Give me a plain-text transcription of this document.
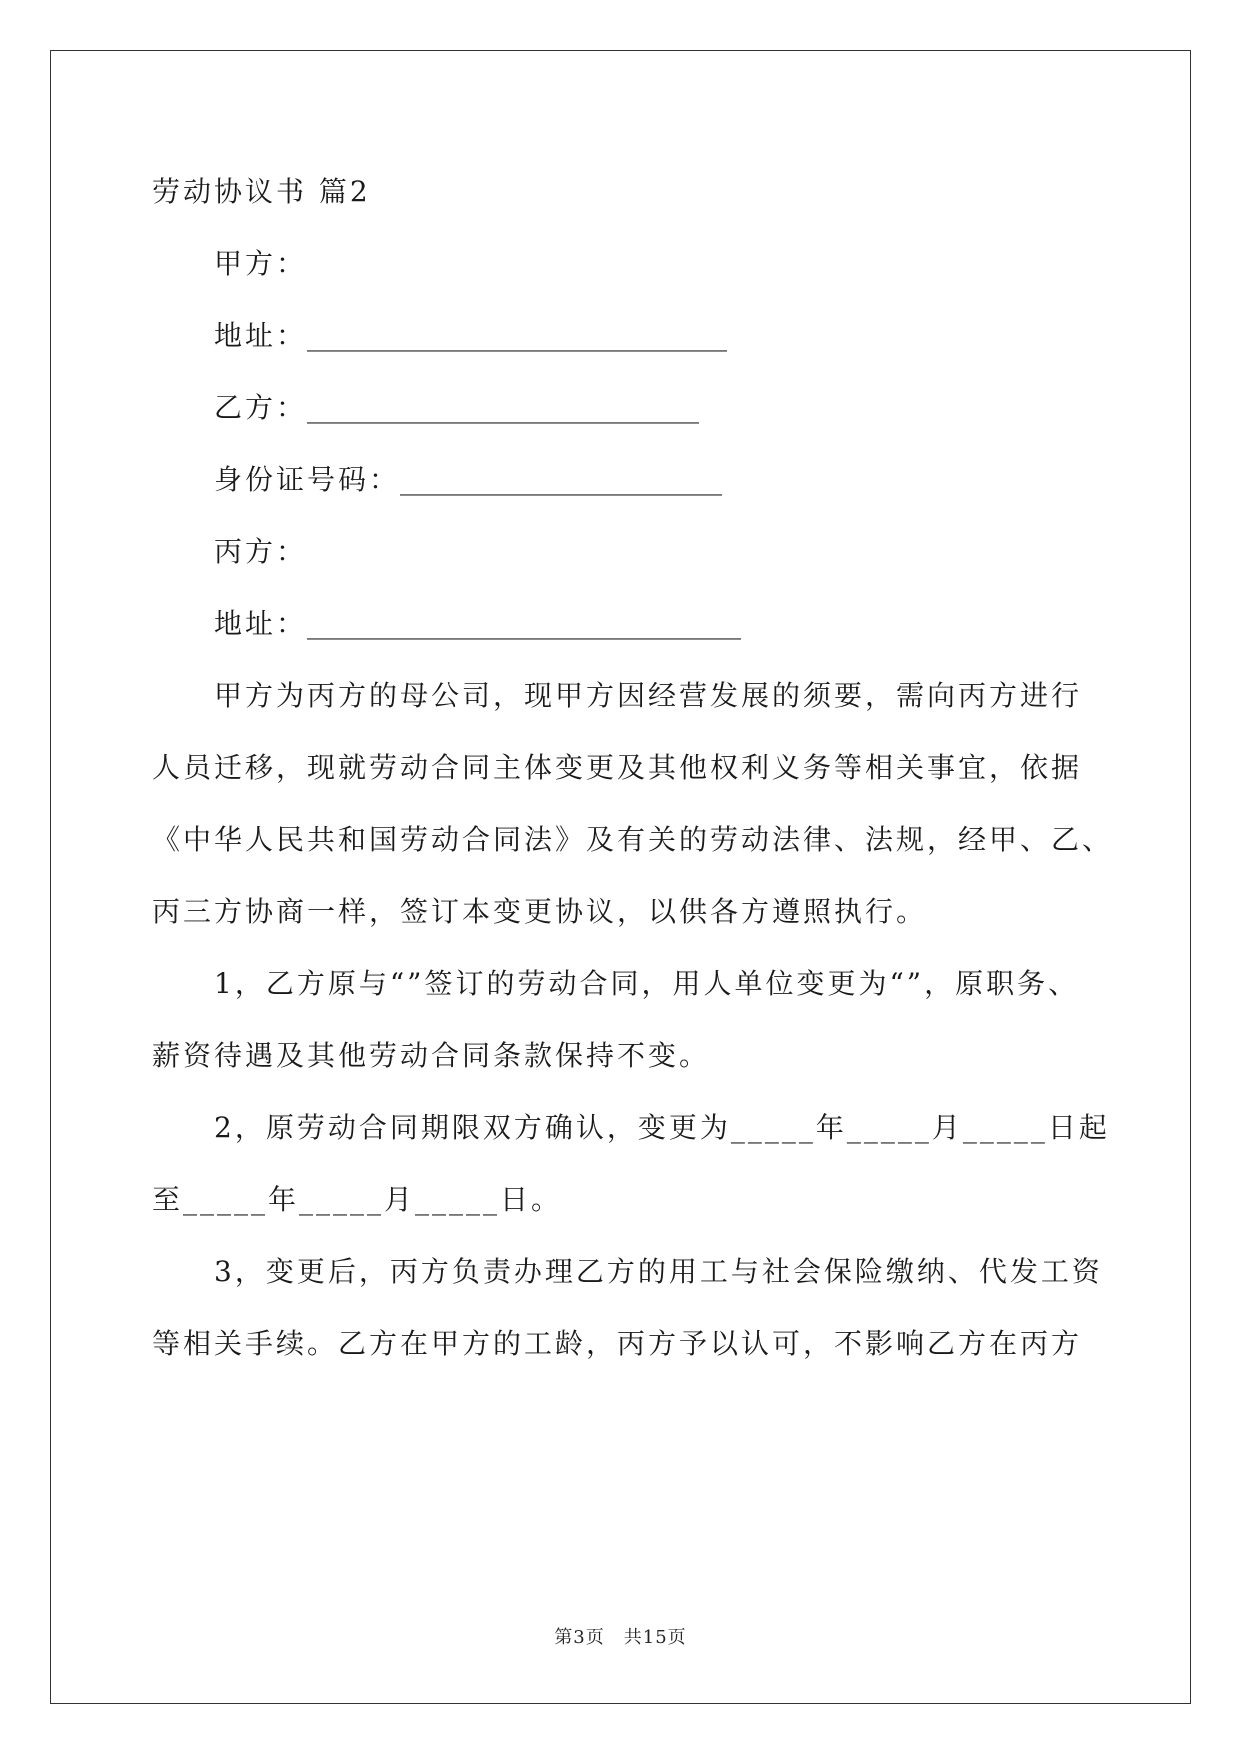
劳动协议书 篇2
甲方：
地址：______________________________
乙方：____________________________
身份证号码：_______________________
丙方：
地址：_______________________________
甲方为丙方的母公司，现甲方因经营发展的须要，需向丙方进行
人员迁移，现就劳动合同主体变更及其他权利义务等相关事宜，依据
《中华人民共和国劳动合同法》及有关的劳动法律、法规，经甲、乙、
丙三方协商一样，签订本变更协议，以供各方遵照执行。
1，乙方原与“”签订的劳动合同，用人单位变更为“”，原职务、
薪资待遇及其他劳动合同条款保持不变。
2，原劳动合同期限双方确认，变更为_____年_____月_____日起
至_____年_____月_____日。
3，变更后，丙方负责办理乙方的用工与社会保险缴纳、代发工资
等相关手续。乙方在甲方的工龄，丙方予以认可，不影响乙方在丙方
第3页　共15页
